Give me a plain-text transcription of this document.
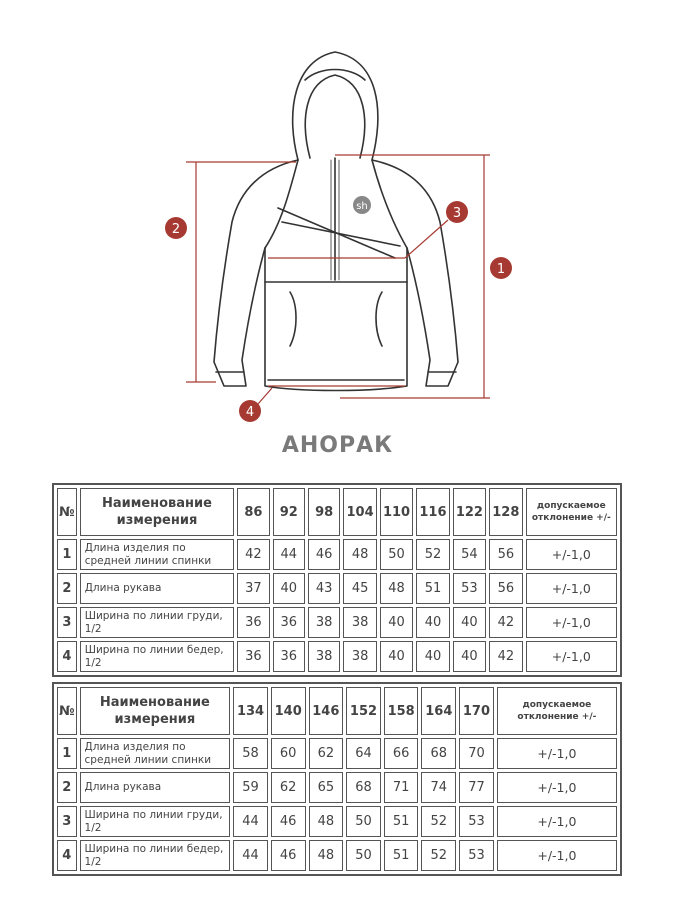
sh
2
3
1
4
АНОРАК
№	Наименование измерения	86	92	98	104	110	116	122	128	допускаемое отклонение +/-
1	Длина изделия по средней линии спинки	42	44	46	48	50	52	54	56	+/-1,0
2	Длина рукава	37	40	43	45	48	51	53	56	+/-1,0
3	Ширина по линии груди, 1/2	36	36	38	38	40	40	40	42	+/-1,0
4	Ширина по линии бедер, 1/2	36	36	38	38	40	40	40	42	+/-1,0
№	Наименование измерения	134	140	146	152	158	164	170	допускаемое отклонение +/-
1	Длина изделия по средней линии спинки	58	60	62	64	66	68	70	+/-1,0
2	Длина рукава	59	62	65	68	71	74	77	+/-1,0
3	Ширина по линии груди, 1/2	44	46	48	50	51	52	53	+/-1,0
4	Ширина по линии бедер, 1/2	44	46	48	50	51	52	53	+/-1,0
